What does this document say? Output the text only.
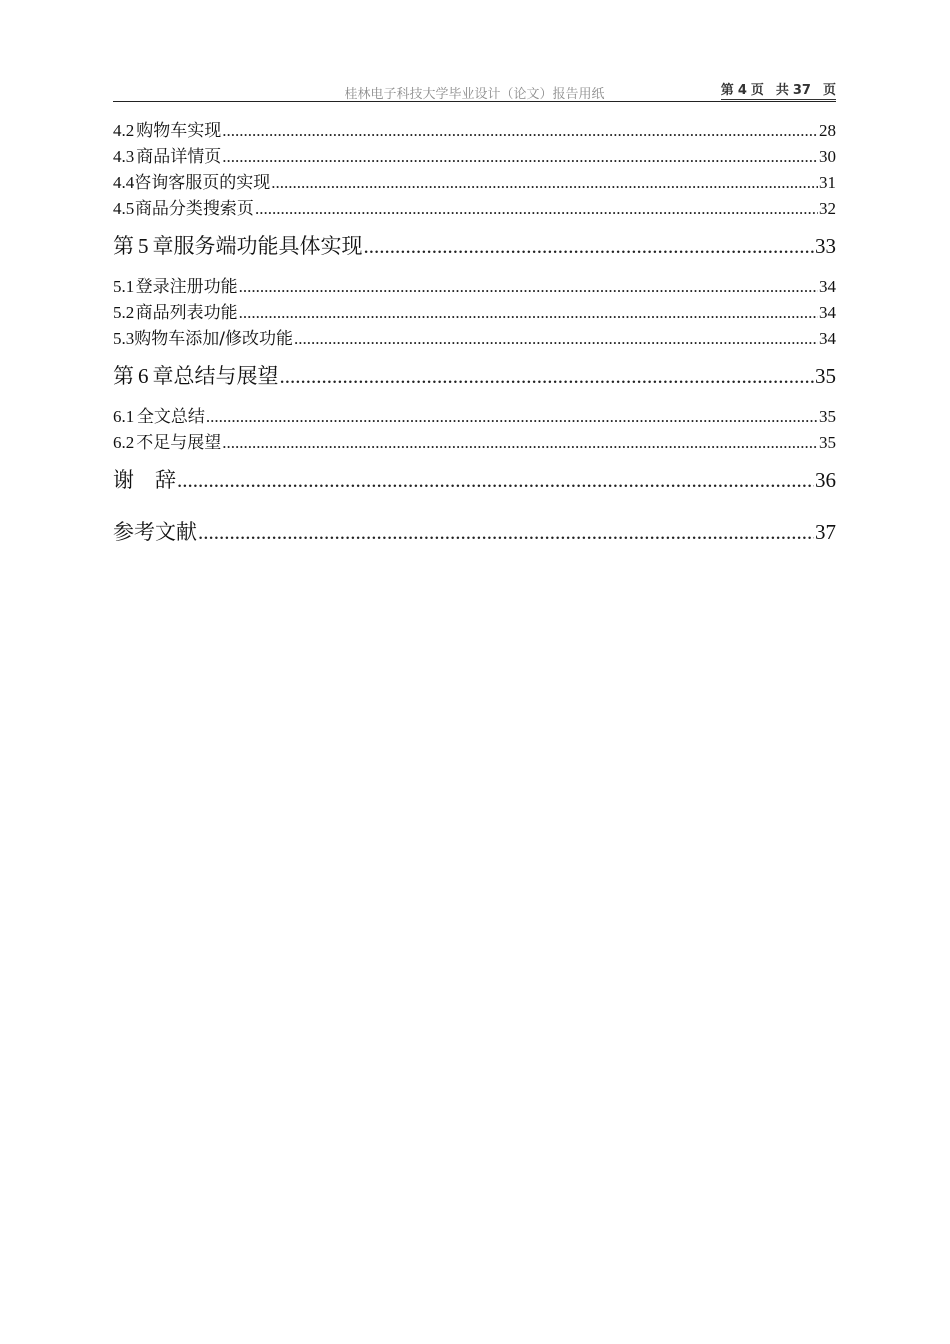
桂林电子科技大学毕业设计（论文）报告用纸	第 4 页 共 37 页
4.2 购物车实现 .....	28
4.3 商品详情页 .....	30
4.4 咨询客服页的实现 .....	31
4.5 商品分类搜索页 .....	32
第 5 章 服务端功能具体实现 .....	33
5.1 登录注册功能 .....	34
5.2 商品列表功能 .....	34
5.3 购物车添加/修改功能 .....	34
第 6 章 总结与展望 .....	35
6.1 全文总结 .....	35
6.2 不足与展望 .....	35
谢　辞 .....	36
参考文献 .....	37
